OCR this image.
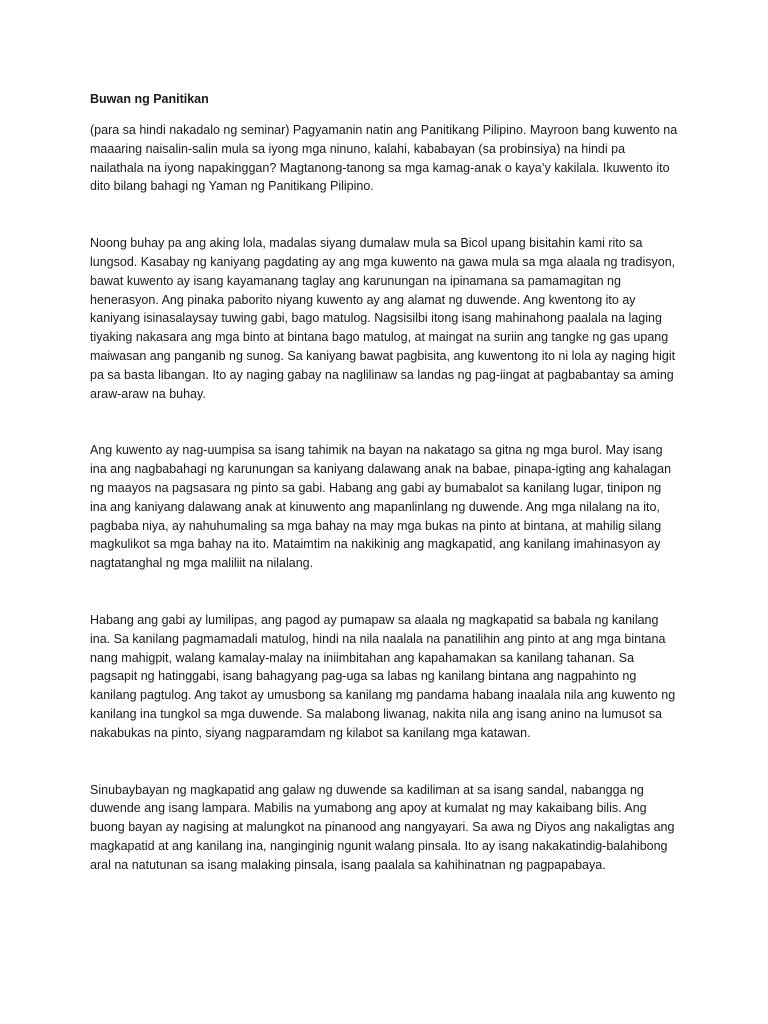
Buwan ng Panitikan

(para sa hindi nakadalo ng seminar) Pagyamanin natin ang Panitikang Pilipino. Mayroon bang kuwento na maaaring naisalin-salin mula sa iyong mga ninuno, kalahi, kababayan (sa probinsiya) na hindi pa nailathala na iyong napakinggan? Magtanong-tanong sa mga kamag-anak o kaya’y kakilala. Ikuwento ito dito bilang bahagi ng Yaman ng Panitikang Pilipino.

Noong buhay pa ang aking lola, madalas siyang dumalaw mula sa Bicol upang bisitahin kami rito sa lungsod. Kasabay ng kaniyang pagdating ay ang mga kuwento na gawa mula sa mga alaala ng tradisyon, bawat kuwento ay isang kayamanang taglay ang karunungan na ipinamana sa pamamagitan ng henerasyon. Ang pinaka paborito niyang kuwento ay ang alamat ng duwende. Ang kwentong ito ay kaniyang isinasalaysay tuwing gabi, bago matulog. Nagsisilbi itong isang mahinahong paalala na laging tiyaking nakasara ang mga binto at bintana bago matulog, at maingat na suriin ang tangke ng gas upang maiwasan ang panganib ng sunog. Sa kaniyang bawat pagbisita, ang kuwentong ito ni lola ay naging higit pa sa basta libangan. Ito ay naging gabay na naglilinaw sa landas ng pag-iingat at pagbabantay sa aming araw-araw na buhay.

Ang kuwento ay nag-uumpisa sa isang tahimik na bayan na nakatago sa gitna ng mga burol. May isang ina ang nagbabahagi ng karunungan sa kaniyang dalawang anak na babae, pinapa-igting ang kahalagan ng maayos na pagsasara ng pinto sa gabi. Habang ang gabi ay bumabalot sa kanilang lugar, tinipon ng ina ang kaniyang dalawang anak at kinuwento ang mapanlinlang ng duwende. Ang mga nilalang na ito, pagbaba niya, ay nahuhumaling sa mga bahay na may mga bukas na pinto at bintana, at mahilig silang magkulikot sa mga bahay na ito. Mataimtim na nakikinig ang magkapatid, ang kanilang imahinasyon ay nagtatanghal ng mga maliliit na nilalang.

Habang ang gabi ay lumilipas, ang pagod ay pumapaw sa alaala ng magkapatid sa babala ng kanilang ina. Sa kanilang pagmamadali matulog, hindi na nila naalala na panatilihin ang pinto at ang mga bintana nang mahigpit, walang kamalay-malay na iniimbitahan ang kapahamakan sa kanilang tahanan. Sa pagsapit ng hatinggabi, isang bahagyang pag-uga sa labas ng kanilang bintana ang nagpahinto ng kanilang pagtulog. Ang takot ay umusbong sa kanilang mg pandama habang inaalala nila ang kuwento ng kanilang ina tungkol sa mga duwende. Sa malabong liwanag, nakita nila ang isang anino na lumusot sa nakabukas na pinto, siyang nagparamdam ng kilabot sa kanilang mga katawan.

Sinubaybayan ng magkapatid ang galaw ng duwende sa kadiliman at sa isang sandal, nabangga ng duwende ang isang lampara. Mabilis na yumabong ang apoy at kumalat ng may kakaibang bilis. Ang buong bayan ay nagising at malungkot na pinanood ang nangyayari. Sa awa ng Diyos ang nakaligtas ang magkapatid at ang kanilang ina, nanginginig ngunit walang pinsala. Ito ay isang nakakatindig-balahibong aral na natutunan sa isang malaking pinsala, isang paalala sa kahihinatnan ng pagpapabaya.
